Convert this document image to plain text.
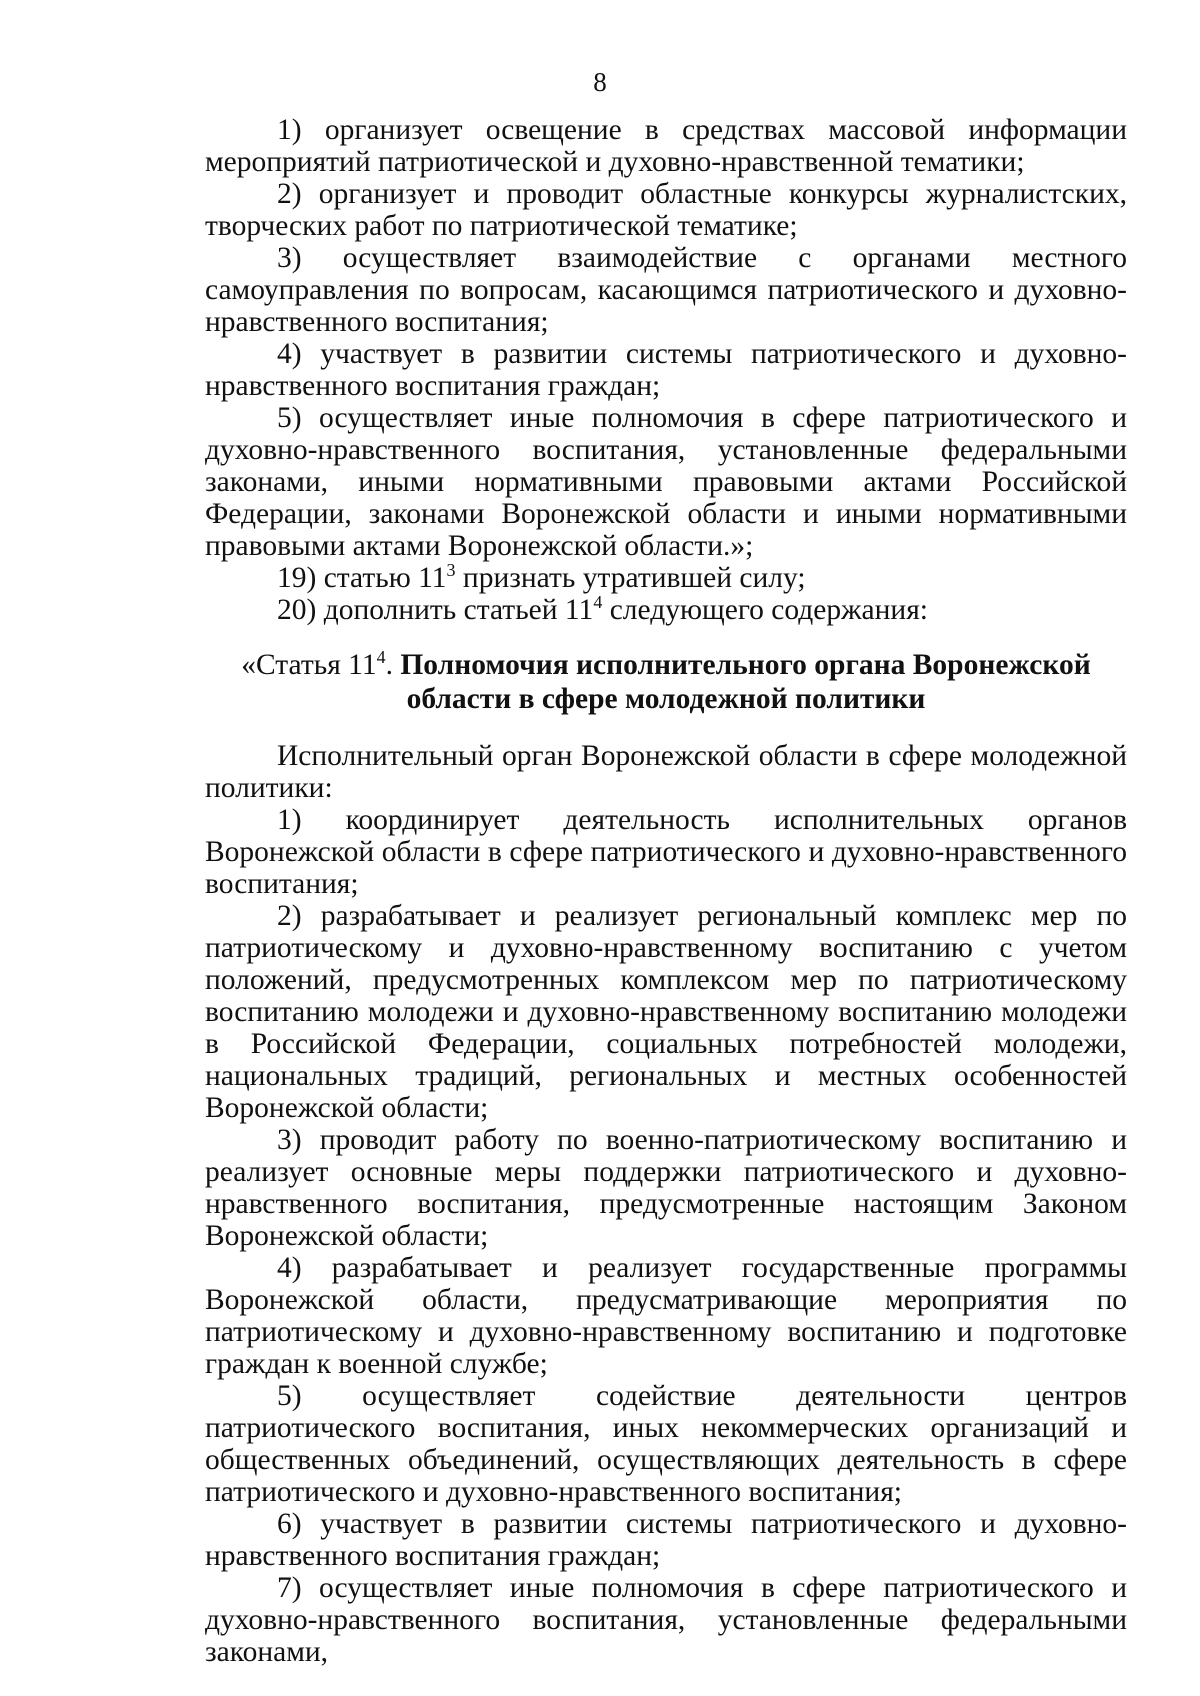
8

1) организует освещение в средствах массовой информации мероприятий патриотической и духовно-нравственной тематики;

2) организует и проводит областные конкурсы журналистских, творческих работ по патриотической тематике;

3) осуществляет взаимодействие с органами местного самоуправления по вопросам, касающимся патриотического и духовно-нравственного воспитания;

4) участвует в развитии системы патриотического и духовно-нравственного воспитания граждан;

5) осуществляет иные полномочия в сфере патриотического и духовно-нравственного воспитания, установленные федеральными законами, иными нормативными правовыми актами Российской Федерации, законами Воронежской области и иными нормативными правовыми актами Воронежской области.»;

19) статью $11^3$ признать утратившей силу;

20) дополнить статьей $11^4$ следующего содержания:

«Статья $11^4$. Полномочия исполнительного органа Воронежской области в сфере молодежной политики

Исполнительный орган Воронежской области в сфере молодежной политики:

1) координирует деятельность исполнительных органов Воронежской области в сфере патриотического и духовно-нравственного воспитания;

2) разрабатывает и реализует региональный комплекс мер по патриотическому и духовно-нравственному воспитанию с учетом положений, предусмотренных комплексом мер по патриотическому воспитанию молодежи и духовно-нравственному воспитанию молодежи в Российской Федерации, социальных потребностей молодежи, национальных традиций, региональных и местных особенностей Воронежской области;

3) проводит работу по военно-патриотическому воспитанию и реализует основные меры поддержки патриотического и духовно-нравственного воспитания, предусмотренные настоящим Законом Воронежской области;

4) разрабатывает и реализует государственные программы Воронежской области, предусматривающие мероприятия по патриотическому и духовно-нравственному воспитанию и подготовке граждан к военной службе;

5) осуществляет содействие деятельности центров патриотического воспитания, иных некоммерческих организаций и общественных объединений, осуществляющих деятельность в сфере патриотического и духовно-нравственного воспитания;

6) участвует в развитии системы патриотического и духовно-нравственного воспитания граждан;

7) осуществляет иные полномочия в сфере патриотического и духовно-нравственного воспитания, установленные федеральными законами,
